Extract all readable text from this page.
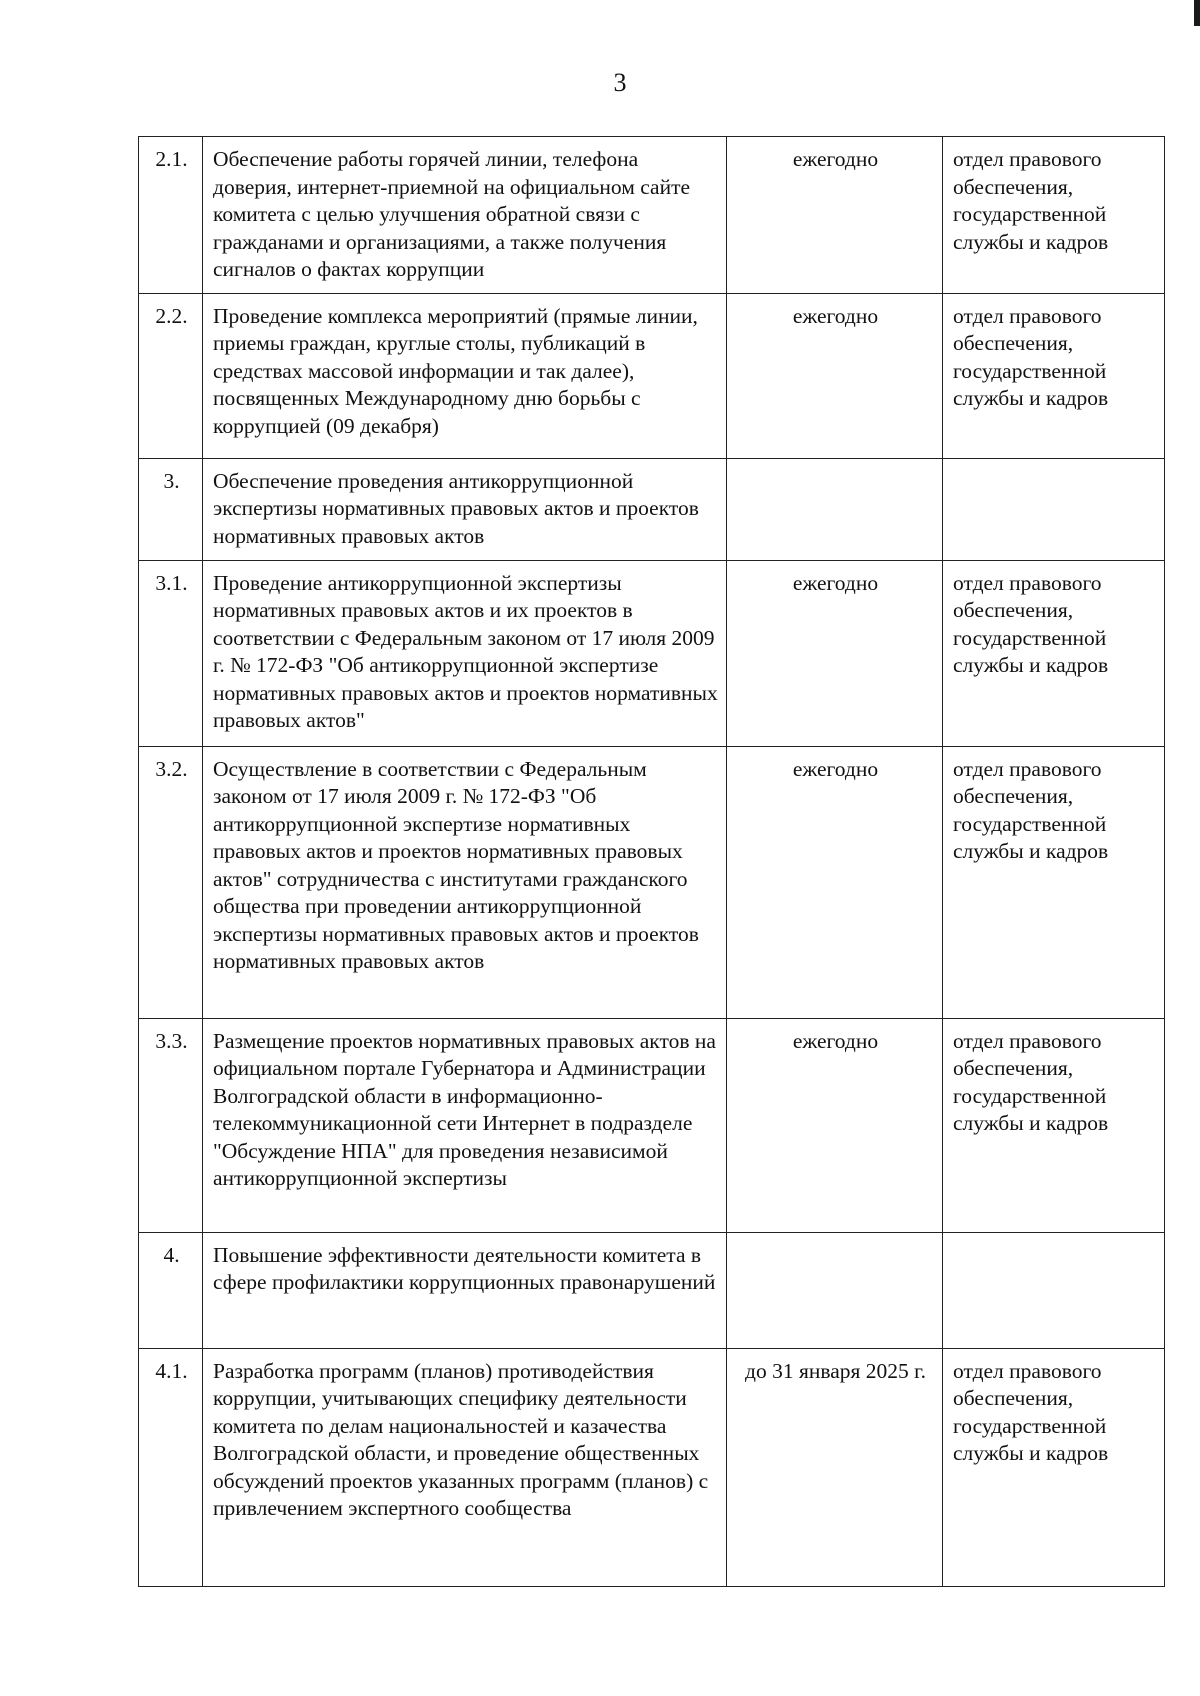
3
2.1.	Обеспечение работы горячей линии, телефона доверия, интернет-приемной на официальном сайте комитета с целью улучшения обратной связи с гражданами и организациями, а также получения сигналов о фактах коррупции	ежегодно	отдел правового обеспечения, государственной службы и кадров
2.2.	Проведение комплекса мероприятий (прямые линии, приемы граждан, круглые столы, публикаций в средствах массовой информации и так далее), посвященных Международному дню борьбы с коррупцией (09 декабря)	ежегодно	отдел правового обеспечения, государственной службы и кадров
3.	Обеспечение проведения антикоррупционной экспертизы нормативных правовых актов и проектов нормативных правовых актов		
3.1.	Проведение антикоррупционной экспертизы нормативных правовых актов и их проектов в соответствии с Федеральным законом от 17 июля 2009 г. № 172-ФЗ "Об антикоррупционной экспертизе нормативных правовых актов и проектов нормативных правовых актов"	ежегодно	отдел правового обеспечения, государственной службы и кадров
3.2.	Осуществление в соответствии с Федеральным законом от 17 июля 2009 г. № 172-ФЗ "Об антикоррупционной экспертизе нормативных правовых актов и проектов нормативных правовых актов" сотрудничества с институтами гражданского общества при проведении антикоррупционной экспертизы нормативных правовых актов и проектов нормативных правовых актов	ежегодно	отдел правового обеспечения, государственной службы и кадров
3.3.	Размещение проектов нормативных правовых актов на официальном портале Губернатора и Администрации Волгоградской области в информационно-телекоммуникационной сети Интернет в подразделе "Обсуждение НПА" для проведения независимой антикоррупционной экспертизы	ежегодно	отдел правового обеспечения, государственной службы и кадров
4.	Повышение эффективности деятельности комитета в сфере профилактики коррупционных правонарушений		
4.1.	Разработка программ (планов) противодействия коррупции, учитывающих специфику деятельности комитета по делам национальностей и казачества Волгоградской области, и проведение общественных обсуждений проектов указанных программ (планов) с привлечением экспертного сообщества	до 31 января 2025 г.	отдел правового обеспечения, государственной службы и кадров
